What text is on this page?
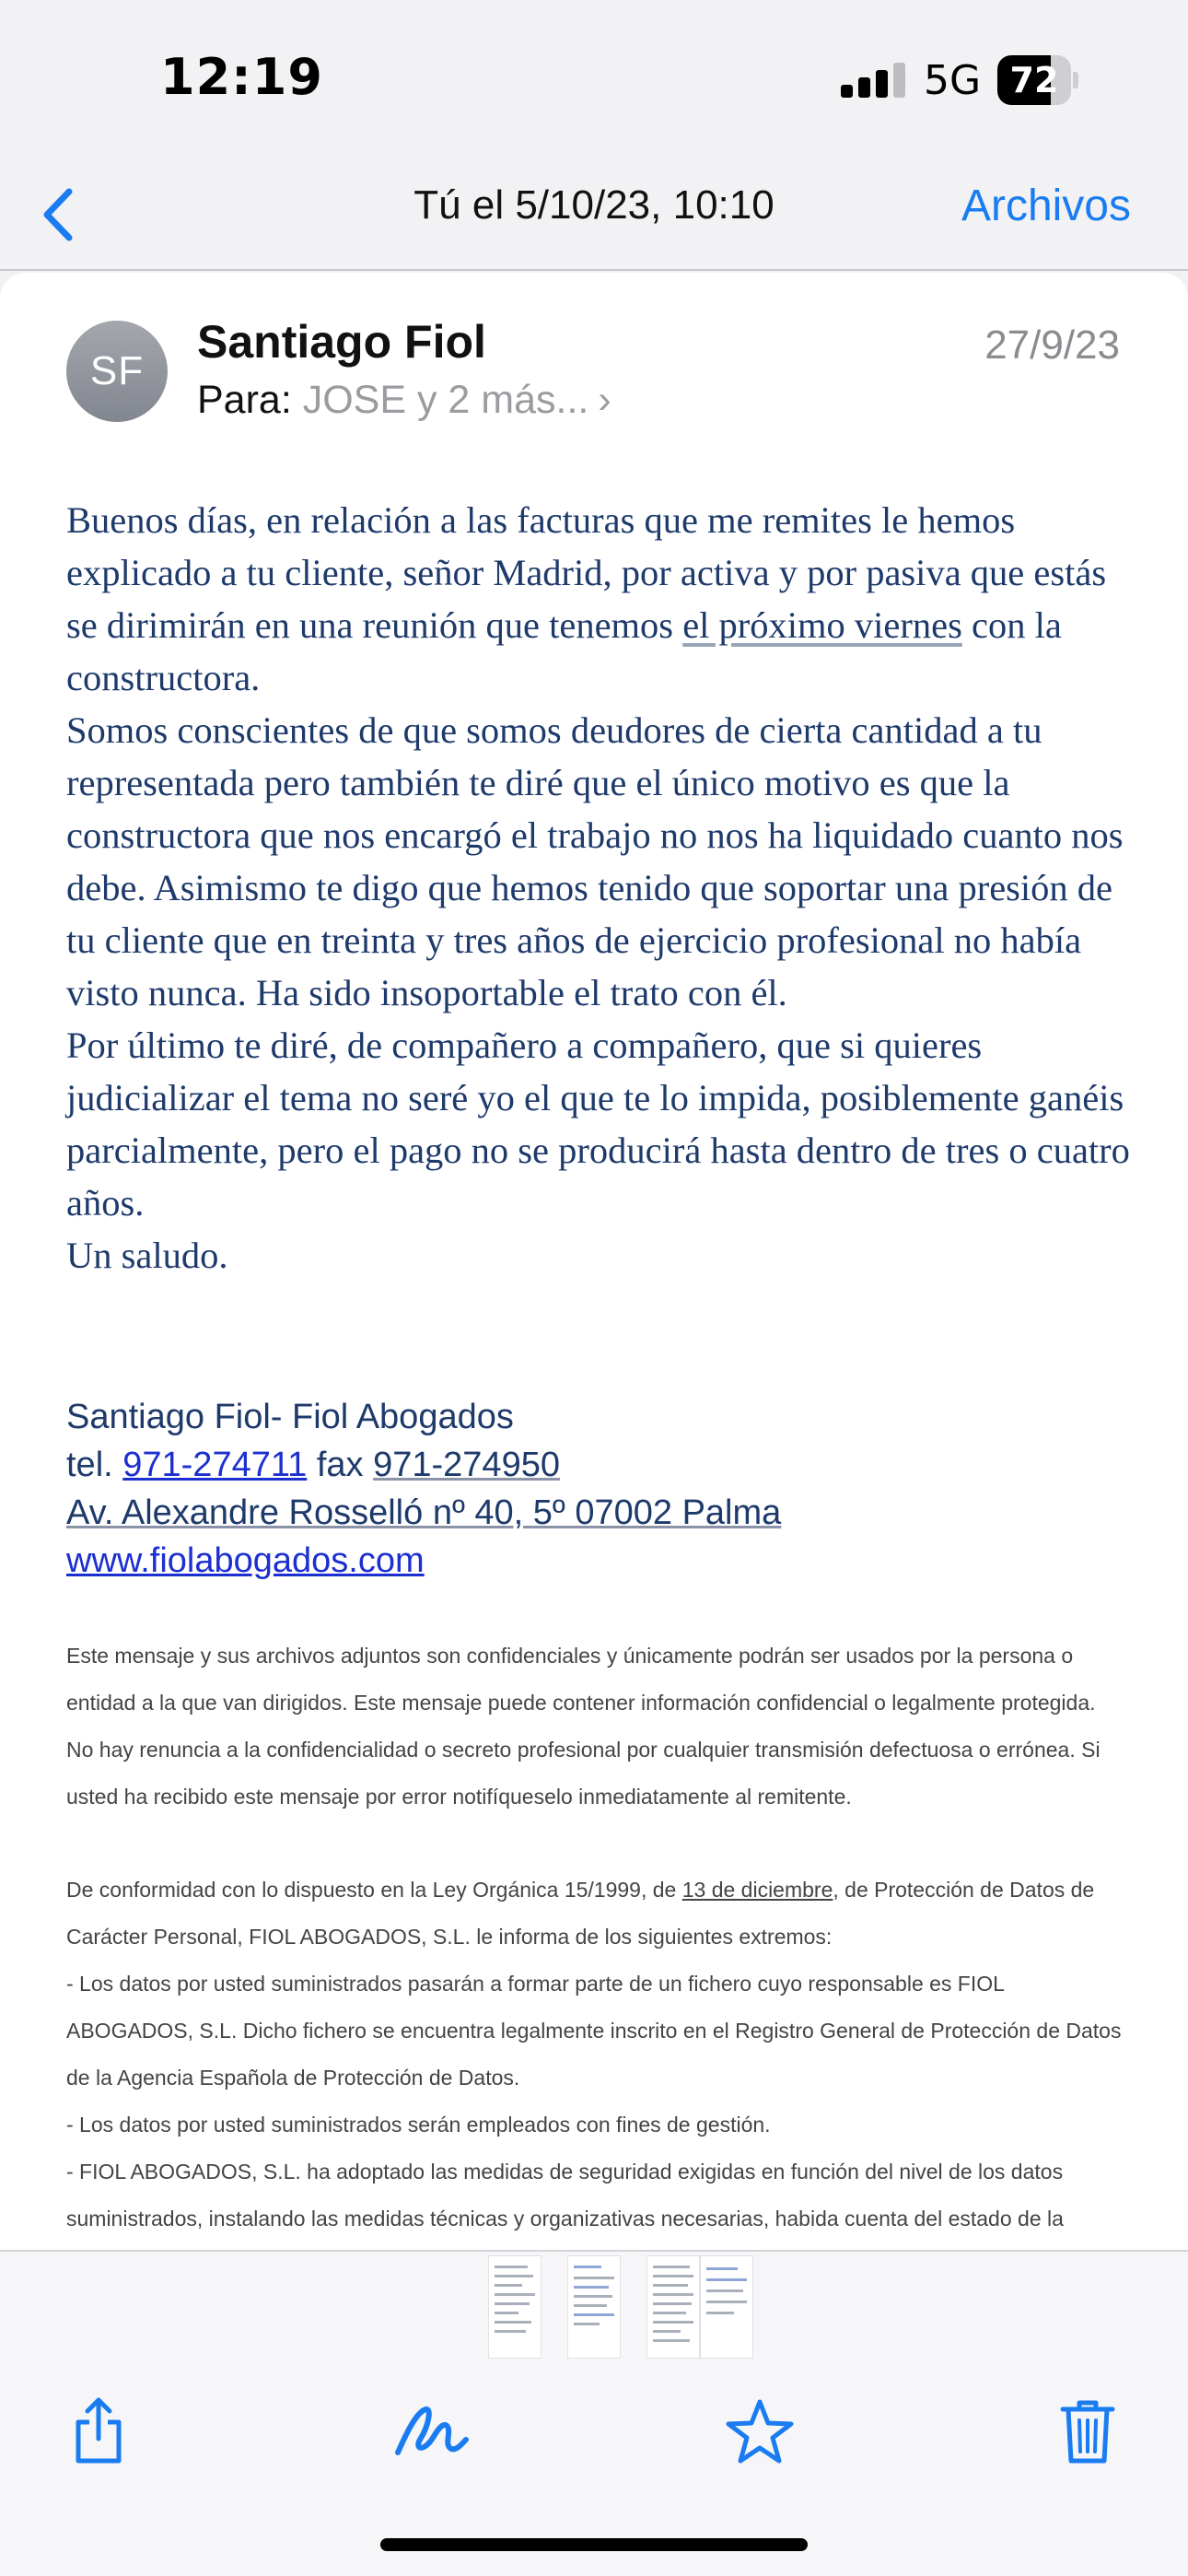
12:19	5G 72
Tú el 5/10/23, 10:10	Archivos
SF
Santiago Fiol	27/9/23
Para: JOSE y 2 más... ›

Buenos días, en relación a las facturas que me remites le hemos explicado a tu cliente, señor Madrid, por activa y por pasiva que estás se dirimirán en una reunión que tenemos el próximo viernes con la constructora.

Somos conscientes de que somos deudores de cierta cantidad a tu representada pero también te diré que el único motivo es que la constructora que nos encargó el trabajo no nos ha liquidado cuanto nos debe. Asimismo te digo que hemos tenido que soportar una presión de tu cliente que en treinta y tres años de ejercicio profesional no había visto nunca. Ha sido insoportable el trato con él.

Por último te diré, de compañero a compañero, que si quieres judicializar el tema no seré yo el que te lo impida, posiblemente ganéis parcialmente, pero el pago no se producirá hasta dentro de tres o cuatro años.

Un saludo.

Santiago Fiol- Fiol Abogados
tel. 971-274711 fax 971-274950
Av. Alexandre Rosselló nº 40, 5º 07002 Palma
www.fiolabogados.com
Este mensaje y sus archivos adjuntos son confidenciales y únicamente podrán ser usados por la persona o entidad a la que van dirigidos. Este mensaje puede contener información confidencial o legalmente protegida. No hay renuncia a la confidencialidad o secreto profesional por cualquier transmisión defectuosa o errónea. Si usted ha recibido este mensaje por error notifíqueselo inmediatamente al remitente.
De conformidad con lo dispuesto en la Ley Orgánica 15/1999, de 13 de diciembre, de Protección de Datos de Carácter Personal, FIOL ABOGADOS, S.L. le informa de los siguientes extremos:
- Los datos por usted suministrados pasarán a formar parte de un fichero cuyo responsable es FIOL ABOGADOS, S.L. Dicho fichero se encuentra legalmente inscrito en el Registro General de Protección de Datos de la Agencia Española de Protección de Datos.
- Los datos por usted suministrados serán empleados con fines de gestión.
- FIOL ABOGADOS, S.L. ha adoptado las medidas de seguridad exigidas en función del nivel de los datos suministrados, instalando las medidas técnicas y organizativas necesarias, habida cuenta del estado de la
